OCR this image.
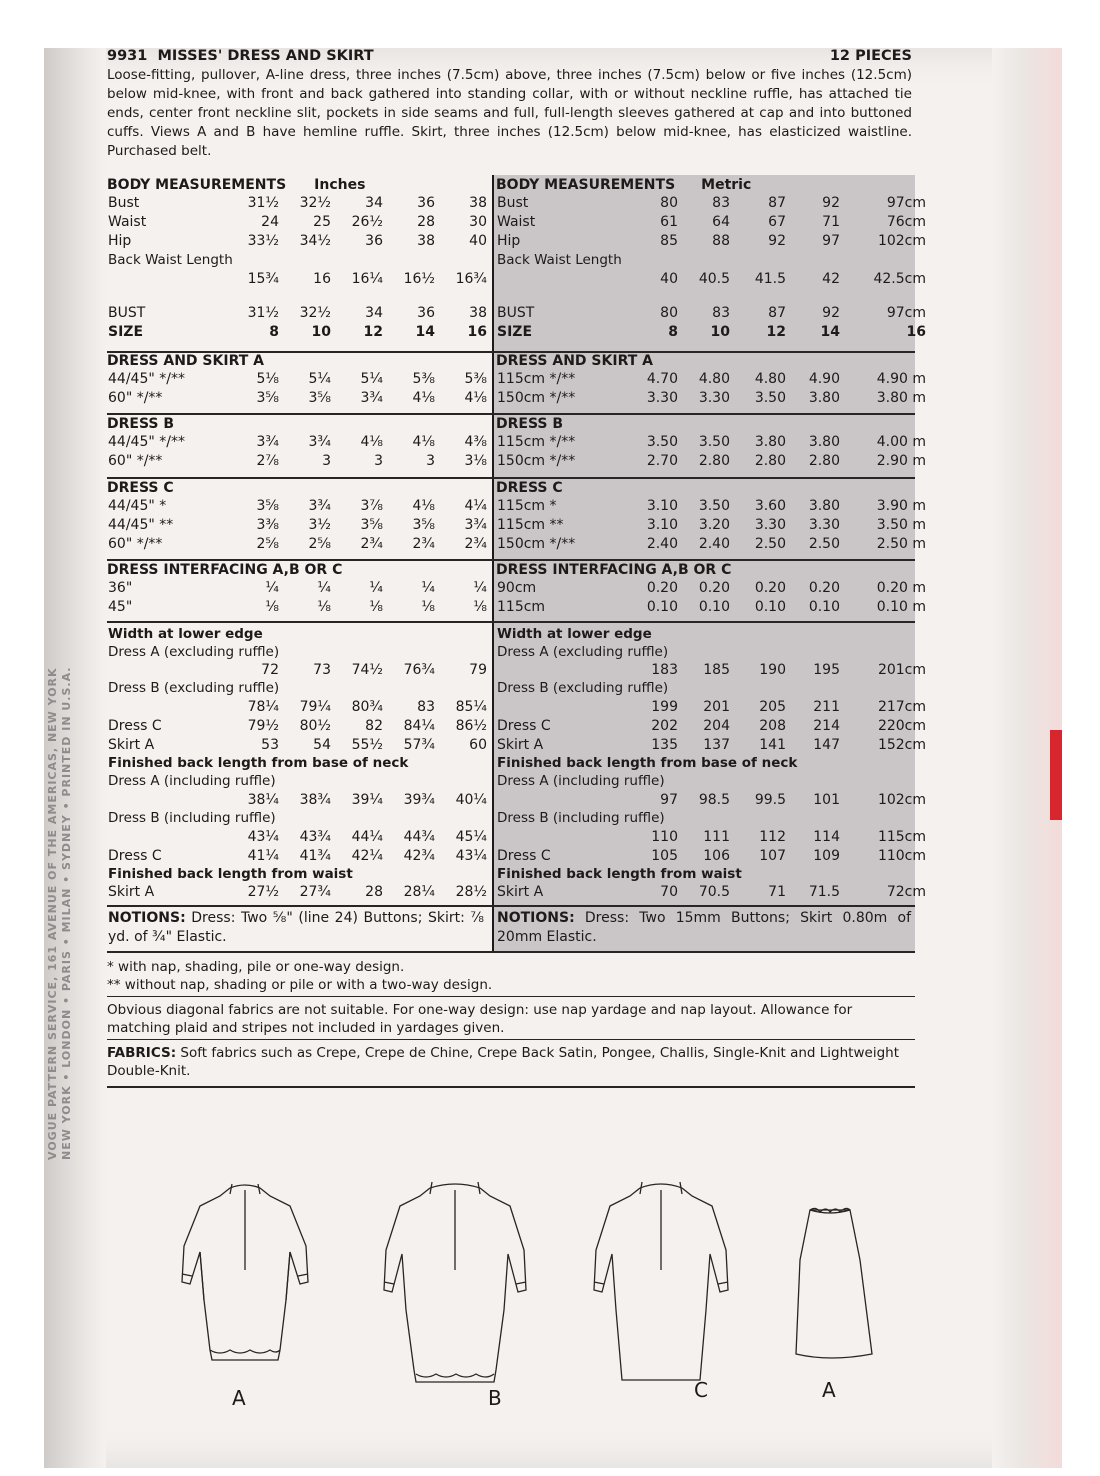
VOGUE PATTERN SERVICE, 161 AVENUE OF THE AMERICAS, NEW YORK NEW YORK • LONDON • PARIS • MILAN • SYDNEY • PRINTED IN U.S.A.
9931 MISSES' DRESS AND SKIRT	12 PIECES
Loose-fitting, pullover, A-line dress, three inches (7.5cm) above, three inches (7.5cm) below or five inches (12.5cm) below mid-knee, with front and back gathered into standing collar, with or without neckline ruffle, has attached tie ends, center front neckline slit, pockets in side seams and full, full-length sleeves gathered at cap and into buttoned cuffs. Views A and B have hemline ruffle. Skirt, three inches (12.5cm) below mid-knee, has elasticized waistline. Purchased belt.
BODY MEASUREMENTS Inches
Bust	31½	32½	34	36	38
Waist	24	25	26½	28	30
Hip	33½	34½	36	38	40
Back Waist Length
15¾	16	16¼	16½	16¾
BUST	31½	32½	34	36	38
SIZE	8	10	12	14	16
DRESS AND SKIRT A
44/45" */**	5⅛	5¼	5¼	5⅜	5⅜
60" */**	3⅝	3⅝	3¾	4⅛	4⅛
DRESS B
44/45" */**	3¾	3¾	4⅛	4⅛	4⅜
60" */**	2⅞	3	3	3	3⅛
DRESS C
44/45" *	3⅝	3¾	3⅞	4⅛	4¼
44/45" **	3⅜	3½	3⅝	3⅝	3¾
60" */**	2⅝	2⅝	2¾	2¾	2¾
DRESS INTERFACING A,B OR C
36"	¼	¼	¼	¼	¼
45"	⅛	⅛	⅛	⅛	⅛
Width at lower edge
Dress A (excluding ruffle)
72	73	74½	76¾	79
Dress B (excluding ruffle)
78¼	79¼	80¾	83	85¼
Dress C	79½	80½	82	84¼	86½
Skirt A	53	54	55½	57¾	60
Finished back length from base of neck
Dress A (including ruffle)
38¼	38¾	39¼	39¾	40¼
Dress B (including ruffle)
43¼	43¾	44¼	44¾	45¼
Dress C	41¼	41¾	42¼	42¾	43¼
Finished back length from waist
Skirt A	27½	27¾	28	28¼	28½
NOTIONS: Dress: Two ⅝" (line 24) Buttons; Skirt: ⅞ yd. of ¾" Elastic.
BODY MEASUREMENTS Metric
Bust	80	83	87	92	97cm
Waist	61	64	67	71	76cm
Hip	85	88	92	97	102cm
Back Waist Length
40	40.5	41.5	42	42.5cm
BUST	80	83	87	92	97cm
SIZE	8	10	12	14	16
DRESS AND SKIRT A
115cm */**	4.70	4.80	4.80	4.90	4.90 m
150cm */**	3.30	3.30	3.50	3.80	3.80 m
DRESS B
115cm */**	3.50	3.50	3.80	3.80	4.00 m
150cm */**	2.70	2.80	2.80	2.80	2.90 m
DRESS C
115cm *	3.10	3.50	3.60	3.80	3.90 m
115cm **	3.10	3.20	3.30	3.30	3.50 m
150cm */**	2.40	2.40	2.50	2.50	2.50 m
DRESS INTERFACING A,B OR C
90cm	0.20	0.20	0.20	0.20	0.20 m
115cm	0.10	0.10	0.10	0.10	0.10 m
Width at lower edge
Dress A (excluding ruffle)
183	185	190	195	201cm
Dress B (excluding ruffle)
199	201	205	211	217cm
Dress C	202	204	208	214	220cm
Skirt A	135	137	141	147	152cm
Finished back length from base of neck
Dress A (including ruffle)
97	98.5	99.5	101	102cm
Dress B (including ruffle)
110	111	112	114	115cm
Dress C	105	106	107	109	110cm
Finished back length from waist
Skirt A	70	70.5	71	71.5	72cm
NOTIONS: Dress: Two 15mm Buttons; Skirt 0.80m of 20mm Elastic.
* with nap, shading, pile or one-way design.
** without nap, shading or pile or with a two-way design.
Obvious diagonal fabrics are not suitable. For one-way design: use nap yardage and nap layout. Allowance for matching plaid and stripes not included in yardages given.
FABRICS: Soft fabrics such as Crepe, Crepe de Chine, Crepe Back Satin, Pongee, Challis, Single-Knit and Lightweight Double-Knit.
A	B	C	A
